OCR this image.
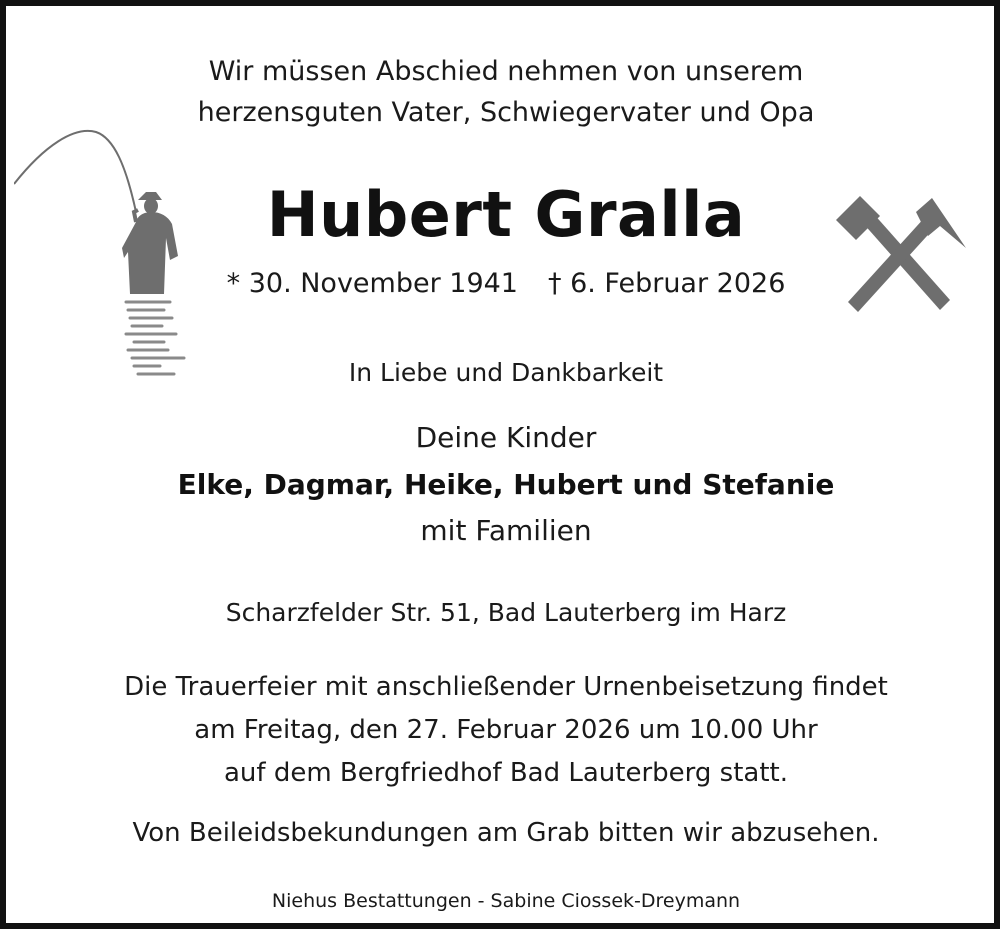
Wir müssen Abschied nehmen von unserem
herzensguten Vater, Schwiegervater und Opa
Hubert Gralla
* 30. November 1941 † 6. Februar 2026
In Liebe und Dankbarkeit
Deine Kinder
Elke, Dagmar, Heike, Hubert und Stefanie
mit Familien
Scharzfelder Str. 51, Bad Lauterberg im Harz
Die Trauerfeier mit anschließender Urnenbeisetzung findet
am Freitag, den 27. Februar 2026 um 10.00 Uhr
auf dem Bergfriedhof Bad Lauterberg statt.
Von Beileidsbekundungen am Grab bitten wir abzusehen.
Niehus Bestattungen - Sabine Ciossek-Dreymann
